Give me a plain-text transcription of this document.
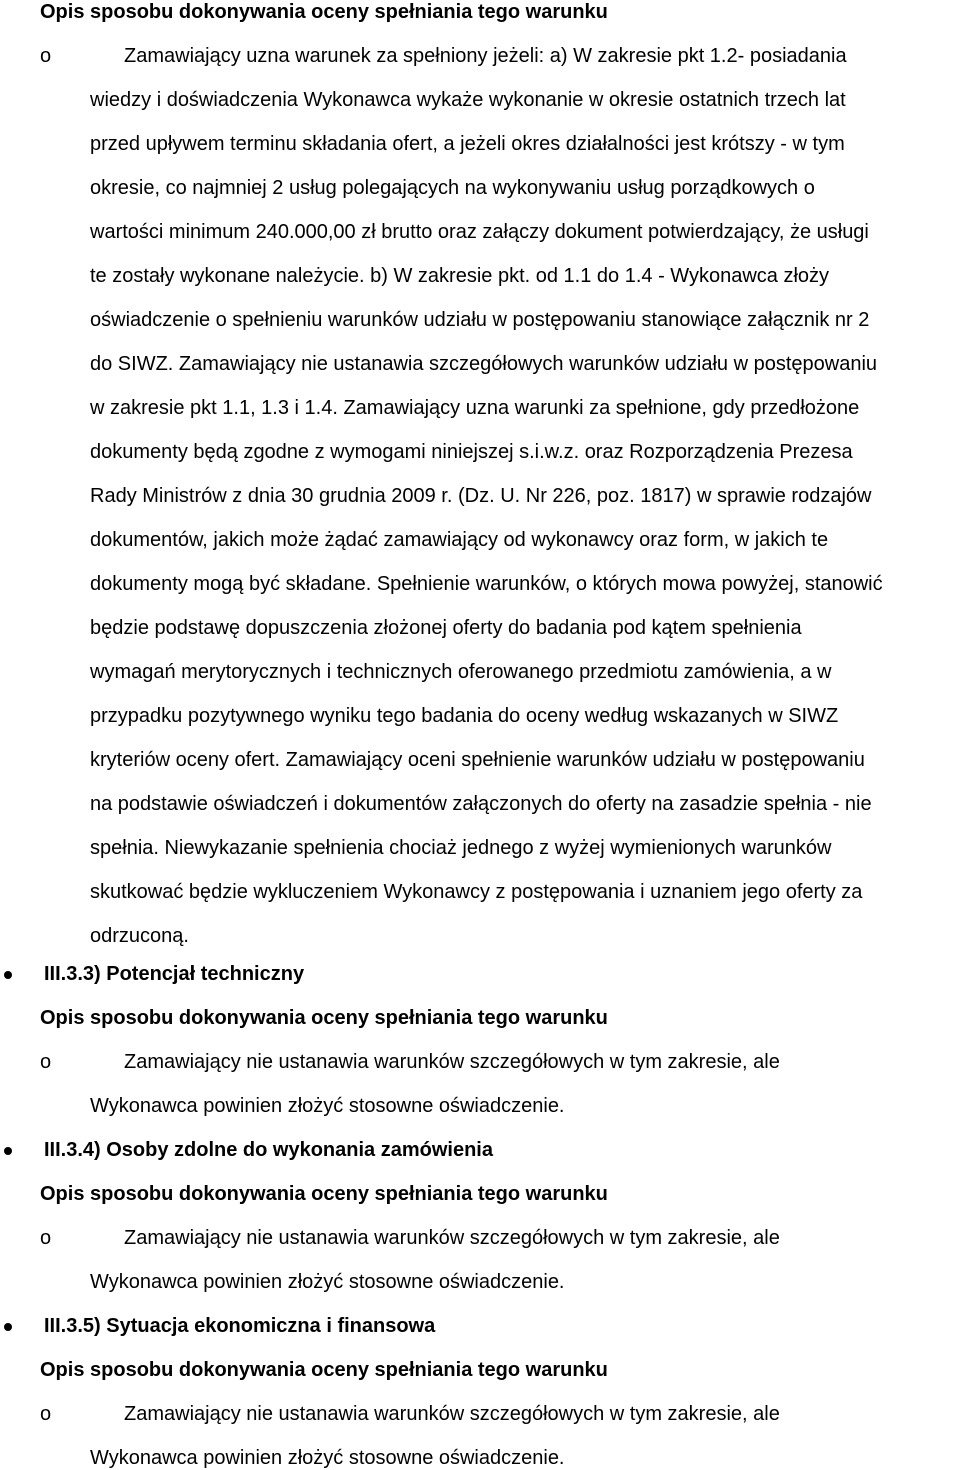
Opis sposobu dokonywania oceny spełniania tego warunku
o	Zamawiający uzna warunek za spełniony jeżeli: a) W zakresie pkt 1.2- posiadania
wiedzy i doświadczenia Wykonawca wykaże wykonanie w okresie ostatnich trzech lat
przed upływem terminu składania ofert, a jeżeli okres działalności jest krótszy - w tym
okresie, co najmniej 2 usług polegających na wykonywaniu usług porządkowych o
wartości minimum 240.000,00 zł brutto oraz załączy dokument potwierdzający, że usługi
te zostały wykonane należycie. b) W zakresie pkt. od 1.1 do 1.4 - Wykonawca złoży
oświadczenie o spełnieniu warunków udziału w postępowaniu stanowiące załącznik nr 2
do SIWZ. Zamawiający nie ustanawia szczegółowych warunków udziału w postępowaniu
w zakresie pkt 1.1, 1.3 i 1.4. Zamawiający uzna warunki za spełnione, gdy przedłożone
dokumenty będą zgodne z wymogami niniejszej s.i.w.z. oraz Rozporządzenia Prezesa
Rady Ministrów z dnia 30 grudnia 2009 r. (Dz. U. Nr 226, poz. 1817) w sprawie rodzajów
dokumentów, jakich może żądać zamawiający od wykonawcy oraz form, w jakich te
dokumenty mogą być składane. Spełnienie warunków, o których mowa powyżej, stanowić
będzie podstawę dopuszczenia złożonej oferty do badania pod kątem spełnienia
wymagań merytorycznych i technicznych oferowanego przedmiotu zamówienia, a w
przypadku pozytywnego wyniku tego badania do oceny według wskazanych w SIWZ
kryteriów oceny ofert. Zamawiający oceni spełnienie warunków udziału w postępowaniu
na podstawie oświadczeń i dokumentów załączonych do oferty na zasadzie spełnia - nie
spełnia. Niewykazanie spełnienia chociaż jednego z wyżej wymienionych warunków
skutkować będzie wykluczeniem Wykonawcy z postępowania i uznaniem jego oferty za
odrzuconą.
III.3.3) Potencjał techniczny
Opis sposobu dokonywania oceny spełniania tego warunku
o	Zamawiający nie ustanawia warunków szczegółowych w tym zakresie, ale
Wykonawca powinien złożyć stosowne oświadczenie.
III.3.4) Osoby zdolne do wykonania zamówienia
Opis sposobu dokonywania oceny spełniania tego warunku
o	Zamawiający nie ustanawia warunków szczegółowych w tym zakresie, ale
Wykonawca powinien złożyć stosowne oświadczenie.
III.3.5) Sytuacja ekonomiczna i finansowa
Opis sposobu dokonywania oceny spełniania tego warunku
o	Zamawiający nie ustanawia warunków szczegółowych w tym zakresie, ale
Wykonawca powinien złożyć stosowne oświadczenie.
